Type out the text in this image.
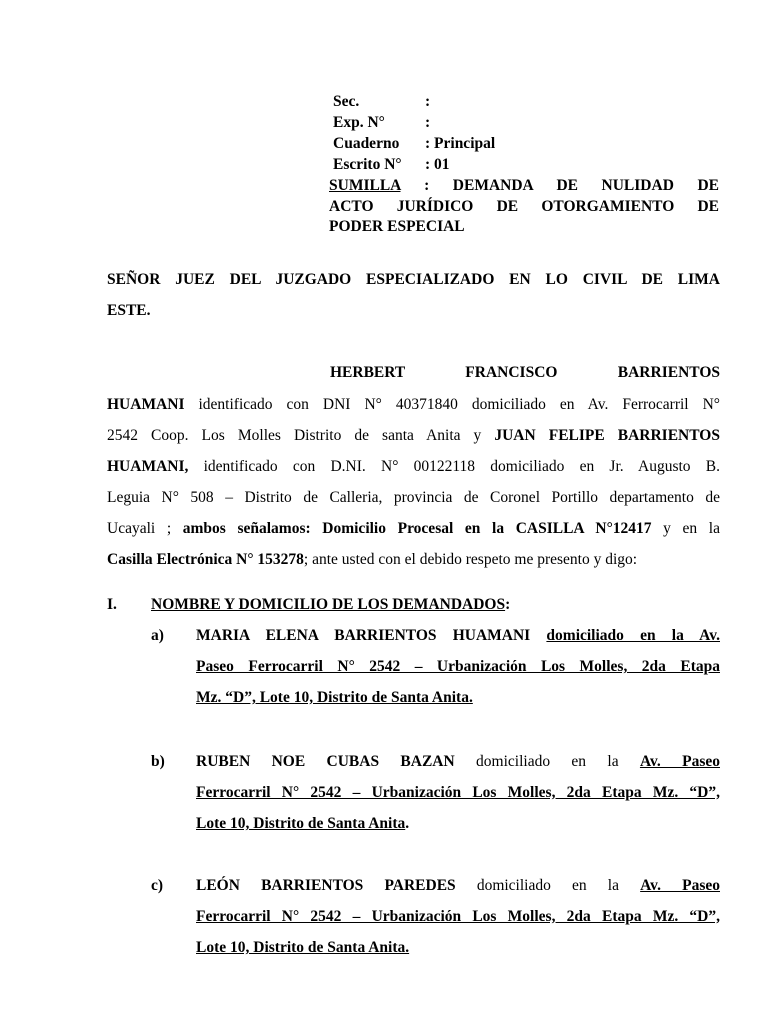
Sec.	:
Exp. N°	:
Cuaderno : Principal
Escrito N° : 01
SUMILLA : DEMANDA DE NULIDAD DE
ACTO JURÍDICO DE OTORGAMIENTO DE
PODER ESPECIAL
SEÑOR JUEZ DEL JUZGADO ESPECIALIZADO EN LO CIVIL DE LIMA
ESTE.
HERBERT FRANCISCO BARRIENTOS
HUAMANI identificado con DNI N° 40371840 domiciliado en Av. Ferrocarril N°
2542 Coop. Los Molles Distrito de santa Anita y JUAN FELIPE BARRIENTOS
HUAMANI, identificado con D.NI. N° 00122118 domiciliado en Jr. Augusto B.
Leguia N° 508 – Distrito de Calleria, provincia de Coronel Portillo departamento de
Ucayali ; ambos señalamos: Domicilio Procesal en la CASILLA N°12417 y en la
Casilla Electrónica N° 153278; ante usted con el debido respeto me presento y digo:
I. NOMBRE Y DOMICILIO DE LOS DEMANDADOS:
a) MARIA ELENA BARRIENTOS HUAMANI domiciliado en la Av.
Paseo Ferrocarril N° 2542 – Urbanización Los Molles, 2da Etapa
Mz. “D”, Lote 10, Distrito de Santa Anita.
b) RUBEN NOE CUBAS BAZAN domiciliado en la Av. Paseo
Ferrocarril N° 2542 – Urbanización Los Molles, 2da Etapa Mz. “D”,
Lote 10, Distrito de Santa Anita.
c) LEÓN BARRIENTOS PAREDES domiciliado en la Av. Paseo
Ferrocarril N° 2542 – Urbanización Los Molles, 2da Etapa Mz. “D”,
Lote 10, Distrito de Santa Anita.
